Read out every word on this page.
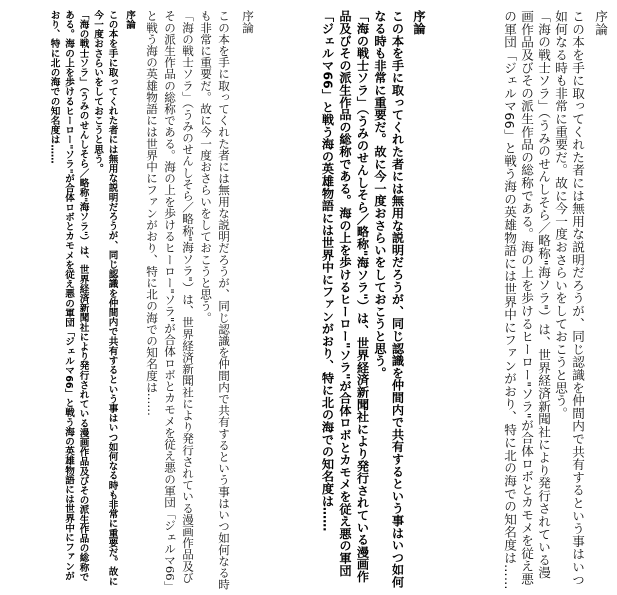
序論
この本を手に取ってくれた者には無用な説明だろうが、同じ認識を仲間内で共有するという事はいつ如何なる時も非常に重要だ。故に今一度おさらいをしておこうと思う。
「海の戦士ソラ」（うみのせんしそら／略称"海ソラ"）は、世界経済新聞社により発行されている漫画作品及びその派生作品の総称である。海の上を歩けるヒーロー"ソラ"が合体ロボとカモメを従え悪の軍団「ジェルマ66」と戦う海の英雄物語には世界中にファンがおり、特に北の海での知名度は……
序論
この本を手に取ってくれた者には無用な説明だろうが、同じ認識を仲間内で共有するという事はいつ如何なる時も非常に重要だ。故に今一度おさらいをしておこうと思う。
「海の戦士ソラ」（うみのせんしそら／略称"海ソラ"）は、世界経済新聞社により発行されている漫画作品及びその派生作品の総称である。海の上を歩けるヒーロー"ソラ"が合体ロボとカモメを従え悪の軍団「ジェルマ66」と戦う海の英雄物語には世界中にファンがおり、特に北の海での知名度は……
序論
この本を手に取ってくれた者には無用な説明だろうが、同じ認識を仲間内で共有するという事はいつ如何なる時も非常に重要だ。故に今一度おさらいをしておこうと思う。
「海の戦士ソラ」（うみのせんしそら／略称"海ソラ"）は、世界経済新聞社により発行されている漫画作品及びその派生作品の総称である。海の上を歩けるヒーロー"ソラ"が合体ロボとカモメを従え悪の軍団「ジェルマ66」と戦う海の英雄物語には世界中にファンがおり、特に北の海での知名度は……
序論
この本を手に取ってくれた者には無用な説明だろうが、同じ認識を仲間内で共有するという事はいつ如何なる時も非常に重要だ。故に今一度おさらいをしておこうと思う。
「海の戦士ソラ」（うみのせんしそら／略称"海ソラ"）は、世界経済新聞社により発行されている漫画作品及びその派生作品の総称である。海の上を歩けるヒーロー"ソラ"が合体ロボとカモメを従え悪の軍団「ジェルマ66」と戦う海の英雄物語には世界中にファンがおり、特に北の海での知名度は……
